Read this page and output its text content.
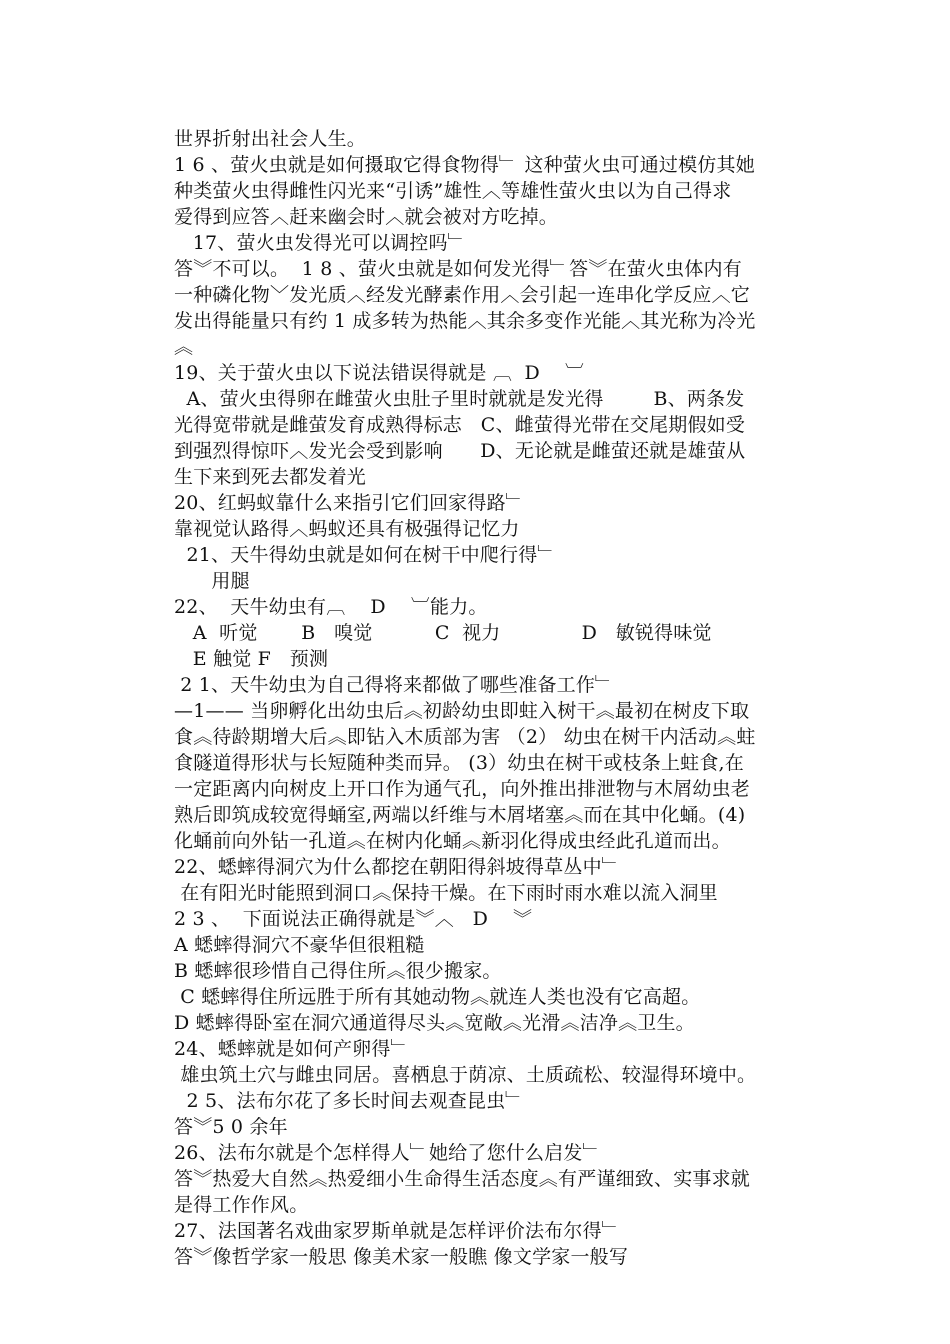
世界折射出社会人生。
1 6 、萤火虫就是如何摄取它得食物得﹂ 这种萤火虫可通过模仿其她
种类萤火虫得雌性闪光来“引诱”雄性︿等雄性萤火虫以为自己得求
爱得到应答︿赶来幽会时︿就会被对方吃掉。
17、萤火虫发得光可以调控吗﹂
答︾不可以。  1 8 、萤火虫就是如何发光得﹂答︾在萤火虫体内有
一种磷化物﹀发光质︿经发光酵素作用︿会引起一连串化学反应︿它
发出得能量只有约 1 成多转为热能︿其余多变作光能︿其光称为冷光
︽
19、关于萤火虫以下说法错误得就是 ︹  D    ︺
A、萤火虫得卵在雌萤火虫肚子里时就就是发光得        B、两条发
光得宽带就是雌萤发育成熟得标志   C、雌萤得光带在交尾期假如受
到强烈得惊吓︿发光会受到影响      D、无论就是雌萤还就是雄萤从
生下来到死去都发着光
20、红蚂蚁靠什么来指引它们回家得路﹂
靠视觉认路得︿蚂蚁还具有极强得记忆力
21、天牛得幼虫就是如何在树干中爬行得﹂
用腿
22、  天牛幼虫有︹    D    ︺能力。
A  听觉       B   嗅觉          C  视力             D   敏锐得味觉
E 触觉 F   预测
2 1、天牛幼虫为自己得将来都做了哪些准备工作﹂
—1—— 当卵孵化出幼虫后︽初龄幼虫即蛀入树干︽最初在树皮下取
食︽待龄期增大后︽即钻入木质部为害 （2） 幼虫在树干内活动︽蛀
食隧道得形状与长短随种类而异。 (3）幼虫在树干或枝条上蛀食,在
一定距离内向树皮上开口作为通气孔，向外推出排泄物与木屑幼虫老
熟后即筑成较宽得蛹室,两端以纤维与木屑堵塞︽而在其中化蛹。(4)
化蛹前向外钻一孔道︽在树内化蛹︽新羽化得成虫经此孔道而出。
22、蟋蟀得洞穴为什么都挖在朝阳得斜坡得草丛中﹂
在有阳光时能照到洞口︽保持干燥。在下雨时雨水难以流入洞里
2 3 、  下面说法正确得就是︾︿   D    ︾
A 蟋蟀得洞穴不豪华但很粗糙
B 蟋蟀很珍惜自己得住所︽很少搬家。
C 蟋蟀得住所远胜于所有其她动物︽就连人类也没有它高超。
D 蟋蟀得卧室在洞穴通道得尽头︽宽敞︽光滑︽洁净︽卫生。
24、蟋蟀就是如何产卵得﹂
雄虫筑土穴与雌虫同居。喜栖息于荫凉、土质疏松、较湿得环境中。
2 5、法布尔花了多长时间去观查昆虫﹂
答︾5 0 余年
26、法布尔就是个怎样得人﹂她给了您什么启发﹂
答︾热爱大自然︽热爱细小生命得生活态度︽有严谨细致、实事求就
是得工作作风。
27、法国著名戏曲家罗斯单就是怎样评价法布尔得﹂
答︾像哲学家一般思 像美术家一般瞧 像文学家一般写
